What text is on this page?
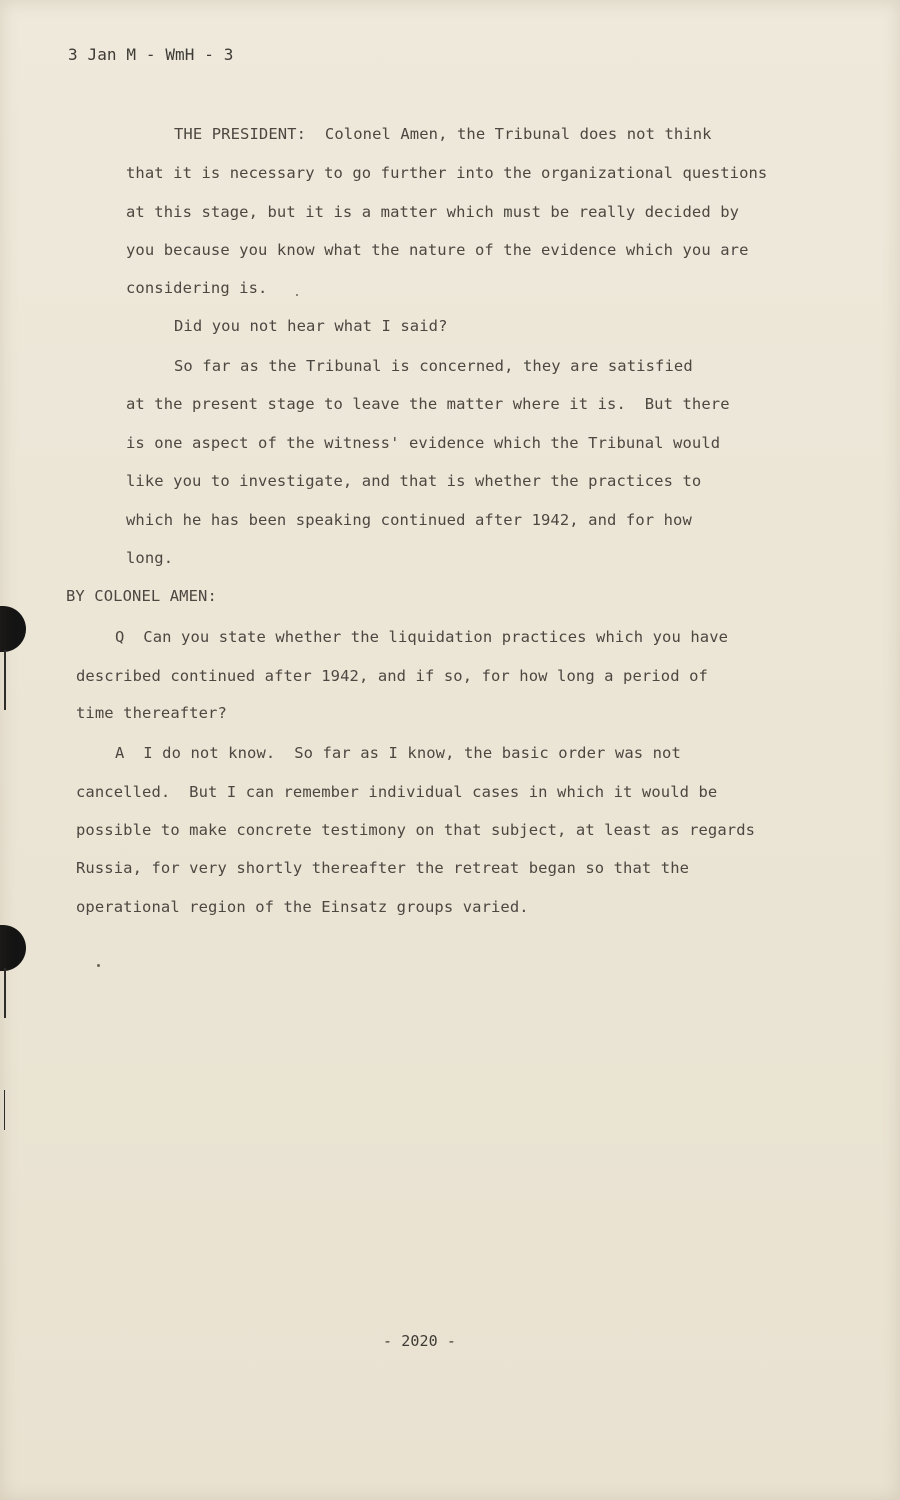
3 Jan M - WmH - 3
THE PRESIDENT:  Colonel Amen, the Tribunal does not think
that it is necessary to go further into the organizational questions
at this stage, but it is a matter which must be really decided by
you because you know what the nature of the evidence which you are
considering is.
Did you not hear what I said?
So far as the Tribunal is concerned, they are satisfied
at the present stage to leave the matter where it is.  But there
is one aspect of the witness' evidence which the Tribunal would
like you to investigate, and that is whether the practices to
which he has been speaking continued after 1942, and for how
long.
BY COLONEL AMEN:
Q  Can you state whether the liquidation practices which you have
described continued after 1942, and if so, for how long a period of
time thereafter?
A  I do not know.  So far as I know, the basic order was not
cancelled.  But I can remember individual cases in which it would be
possible to make concrete testimony on that subject, at least as regards
Russia, for very shortly thereafter the retreat began so that the
operational region of the Einsatz groups varied.
- 2020 -
